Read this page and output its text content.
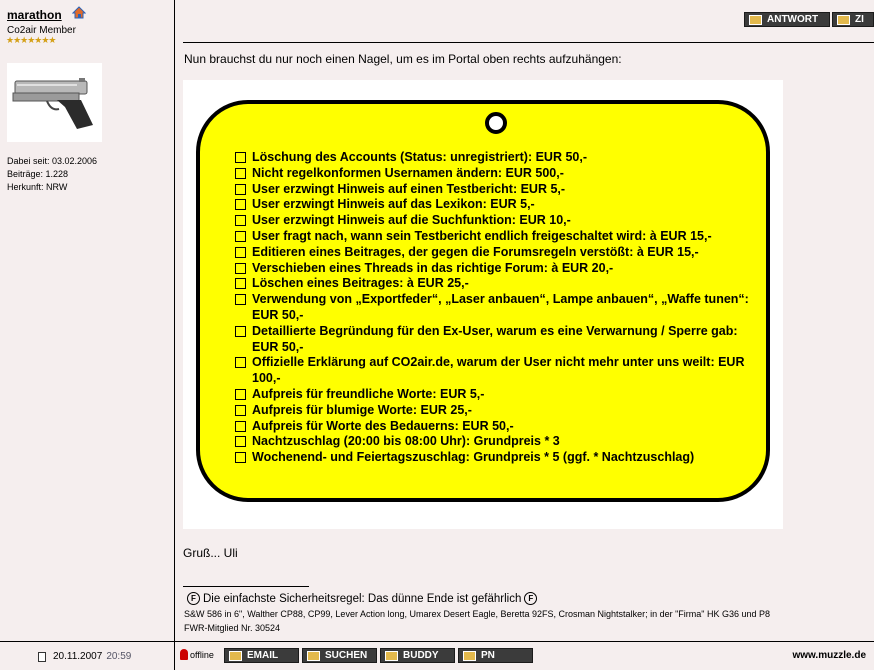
marathon
Co2air Member
★★★★★★★
Dabei seit: 03.02.2006
Beiträge: 1.228
Herkunft: NRW
ANTWORT	ZI
Nun brauchst du nur noch einen Nagel, um es im Portal oben rechts aufzuhängen:
Löschung des Accounts (Status: unregistriert): EUR 50,-
Nicht regelkonformen Usernamen ändern: EUR 500,-
User erzwingt Hinweis auf einen Testbericht: EUR 5,-
User erzwingt Hinweis auf das Lexikon: EUR 5,-
User erzwingt Hinweis auf die Suchfunktion: EUR 10,-
User fragt nach, wann sein Testbericht endlich freigeschaltet wird: à EUR 15,-
Editieren eines Beitrages, der gegen die Forumsregeln verstößt: à EUR 15,-
Verschieben eines Threads in das richtige Forum: à EUR 20,-
Löschen eines Beitrages: à EUR 25,-
Verwendung von „Exportfeder“, „Laser anbauen“, Lampe anbauen“, „Waffe tunen“: EUR 50,-
Detaillierte Begründung für den Ex-User, warum es eine Verwarnung / Sperre gab: EUR 50,-
Offizielle Erklärung auf CO2air.de, warum der User nicht mehr unter uns weilt: EUR 100,-
Aufpreis für freundliche Worte: EUR 5,-
Aufpreis für blumige Worte: EUR 25,-
Aufpreis für Worte des Bedauerns: EUR 50,-
Nachtzuschlag (20:00 bis 08:00 Uhr): Grundpreis * 3
Wochenend- und Feiertagszuschlag: Grundpreis * 5 (ggf. * Nachtzuschlag)
Gruß... Uli
F Die einfachste Sicherheitsregel: Das dünne Ende ist gefährlich F
S&W 586 in 6", Walther CP88, CP99, Lever Action long, Umarex Desert Eagle, Beretta 92FS, Crosman Nightstalker; in der "Firma" HK G36 und P8
FWR-Mitglied Nr. 30524
20.11.2007 20:59	offline	EMAIL	SUCHEN	BUDDY	PN	www.muzzle.de
